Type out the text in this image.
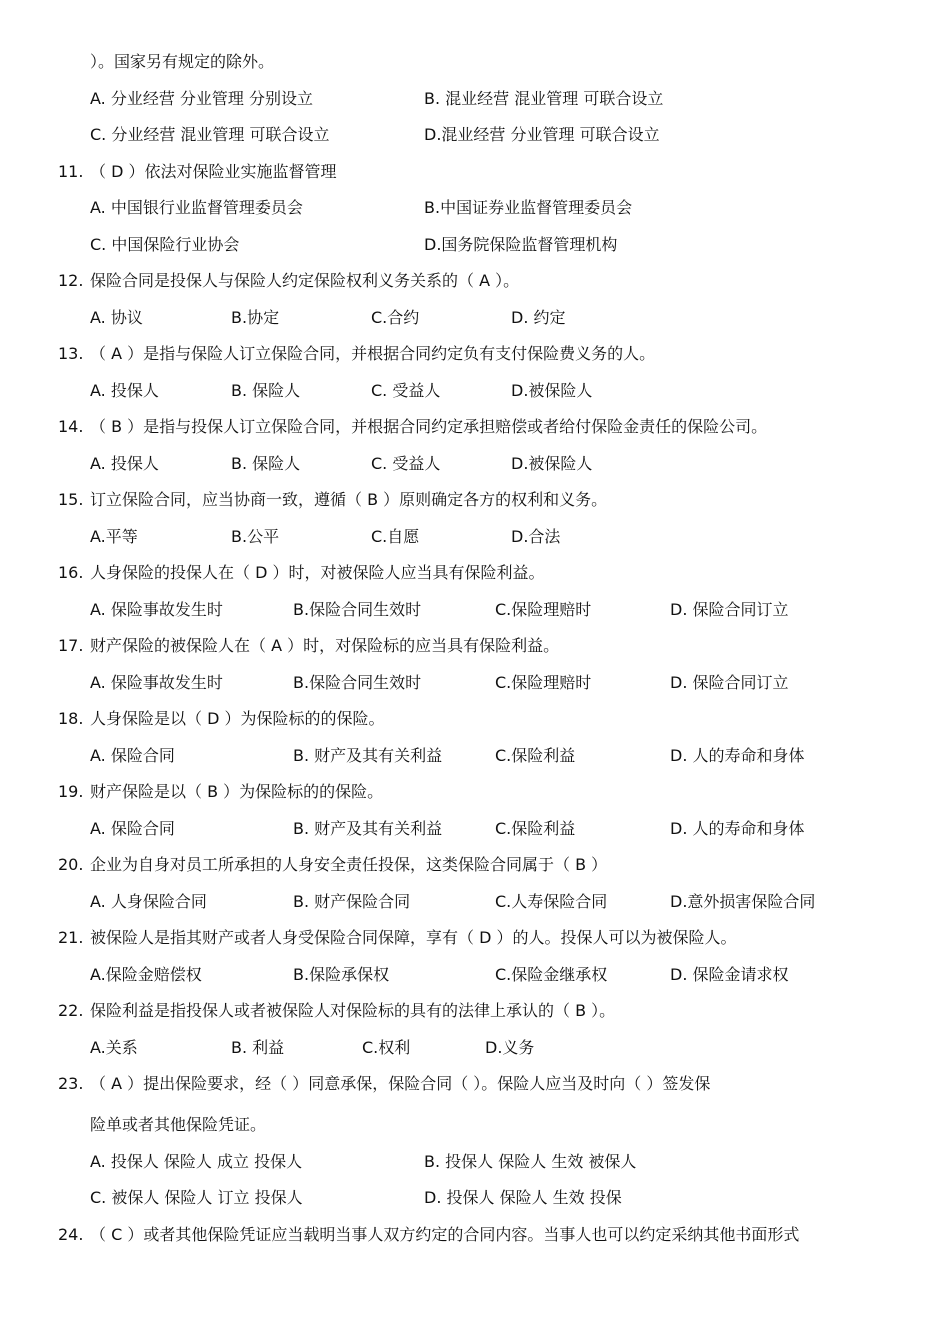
）。国家另有规定的除外。
A. 分业经营 分业管理 分别设立	B. 混业经营 混业管理 可联合设立
C. 分业经营 混业管理 可联合设立	D.混业经营 分业管理 可联合设立
11. （ D ）依法对保险业实施监督管理
A. 中国银行业监督管理委员会	B.中国证券业监督管理委员会
C. 中国保险行业协会	D.国务院保险监督管理机构
12. 保险合同是投保人与保险人约定保险权利义务关系的（ A ）。
A. 协议	B.协定	C.合约	D. 约定
13. （ A ）是指与保险人订立保险合同，并根据合同约定负有支付保险费义务的人。
A. 投保人	B. 保险人	C. 受益人	D.被保险人
14. （ B ）是指与投保人订立保险合同，并根据合同约定承担赔偿或者给付保险金责任的保险公司。
A. 投保人	B. 保险人	C. 受益人	D.被保险人
15. 订立保险合同，应当协商一致，遵循（ B ）原则确定各方的权利和义务。
A.平等	B.公平	C.自愿	D.合法
16. 人身保险的投保人在（ D ）时，对被保险人应当具有保险利益。
A. 保险事故发生时	B.保险合同生效时	C.保险理赔时	D. 保险合同订立
17. 财产保险的被保险人在（ A ）时，对保险标的应当具有保险利益。
A. 保险事故发生时	B.保险合同生效时	C.保险理赔时	D. 保险合同订立
18. 人身保险是以（ D ）为保险标的的保险。
A. 保险合同	B. 财产及其有关利益	C.保险利益	D. 人的寿命和身体
19. 财产保险是以（ B ）为保险标的的保险。
A. 保险合同	B. 财产及其有关利益	C.保险利益	D. 人的寿命和身体
20. 企业为自身对员工所承担的人身安全责任投保，这类保险合同属于（ B ）
A. 人身保险合同	B. 财产保险合同	C.人寿保险合同	D.意外损害保险合同
21. 被保险人是指其财产或者人身受保险合同保障，享有（ D ）的人。投保人可以为被保险人。
A.保险金赔偿权	B.保险承保权	C.保险金继承权	D. 保险金请求权
22. 保险利益是指投保人或者被保险人对保险标的具有的法律上承认的（ B ）。
A.关系	B. 利益	C.权利	D.义务
23. （ A ）提出保险要求，经（ ）同意承保，保险合同（ ）。保险人应当及时向（ ）签发保
险单或者其他保险凭证。
A. 投保人 保险人 成立 投保人	B. 投保人 保险人 生效 被保人
C. 被保人 保险人 订立 投保人	D. 投保人 保险人 生效 投保
24. （ C ）或者其他保险凭证应当载明当事人双方约定的合同内容。当事人也可以约定采纳其他书面形式
